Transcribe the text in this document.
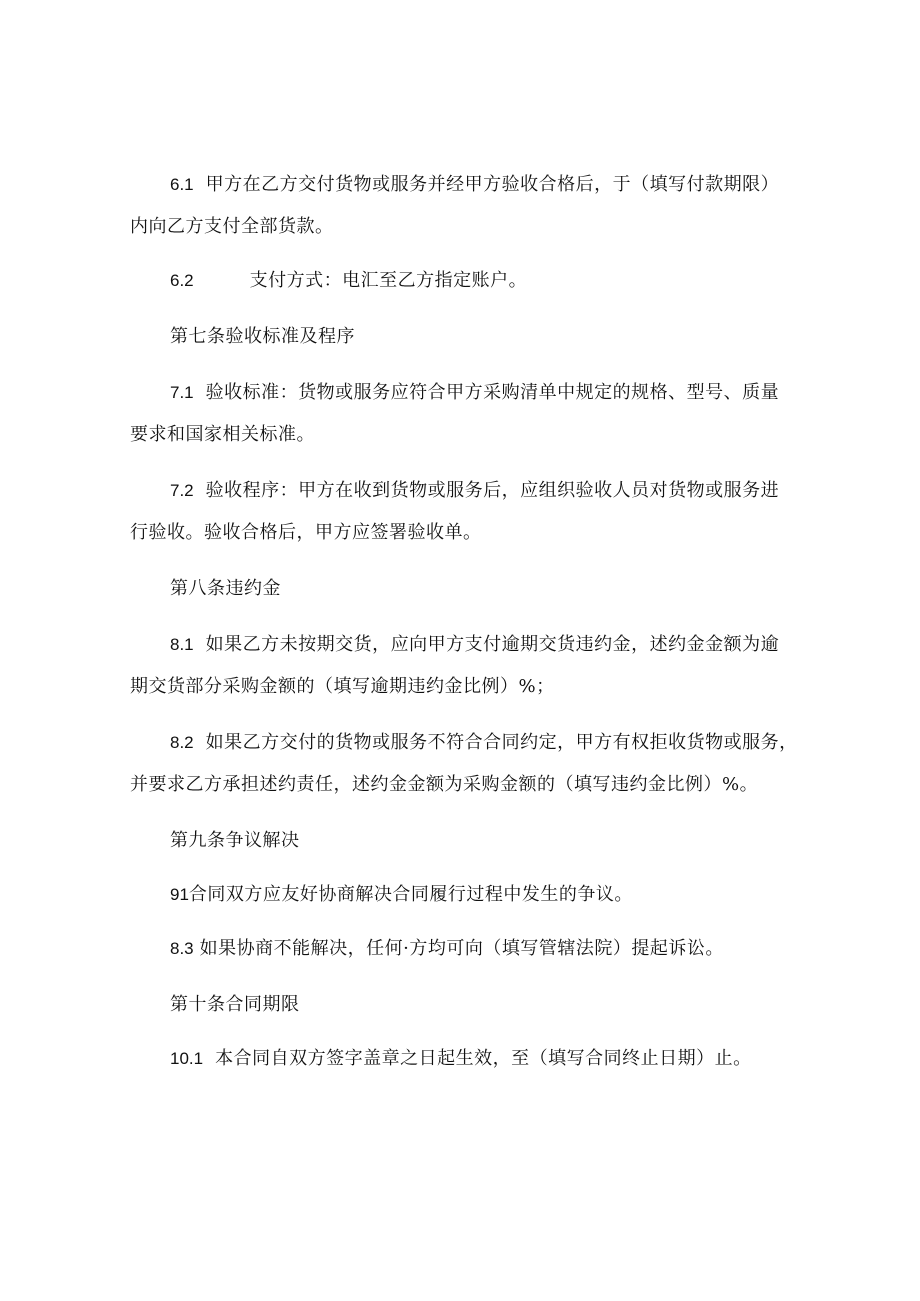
6.1 甲方在乙方交付货物或服务并经甲方验收合格后，于（填写付款期限）
内向乙方支付全部货款。
6.2	支付方式：电汇至乙方指定账户。
第七条验收标准及程序
7.1 验收标准：货物或服务应符合甲方采购清单中规定的规格、型号、质量
要求和国家相关标准。
7.2 验收程序：甲方在收到货物或服务后，应组织验收人员对货物或服务进
行验收。验收合格后，甲方应签署验收单。
第八条违约金
8.1 如果乙方未按期交货，应向甲方支付逾期交货违约金，述约金金额为逾
期交货部分采购金额的（填写逾期违约金比例）%；
8.2 如果乙方交付的货物或服务不符合合同约定，甲方有权拒收货物或服务，
并要求乙方承担述约责任，述约金金额为采购金额的（填写违约金比例）%。
第九条争议解决
91合同双方应友好协商解决合同履行过程中发生的争议。
8.3 如果协商不能解决，任何·方均可向（填写管辖法院）提起诉讼。
第十条合同期限
10.1 本合同自双方签字盖章之日起生效，至（填写合同终止日期）止。
